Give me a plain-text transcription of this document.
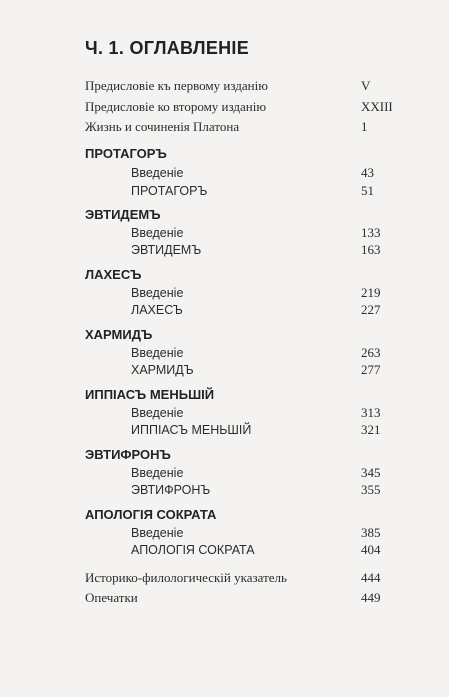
Ч. 1. ОГЛАВЛЕНІЕ
Предисловіе къ первому изданію	V
Предисловіе ко второму изданію	XXIII
Жизнь и сочиненія Платона	1
ПРОТАГОРЪ
Введеніе	43
ПРОТАГОРЪ	51
ЭВТИДЕМЪ
Введеніе	133
ЭВТИДЕМЪ	163
ЛАХЕСЪ
Введеніе	219
ЛАХЕСЪ	227
ХАРМИДЪ
Введеніе	263
ХАРМИДЪ	277
ИППІАСЪ МЕНЬШІЙ
Введеніе	313
ИППІАСЪ МЕНЬШІЙ	321
ЭВТИФРОНЪ
Введеніе	345
ЭВТИФРОНЪ	355
АПОЛОГІЯ СОКРАТА
Введеніе	385
АПОЛОГІЯ СОКРАТА	404
Историко-филологическій указатель	444
Опечатки	449
